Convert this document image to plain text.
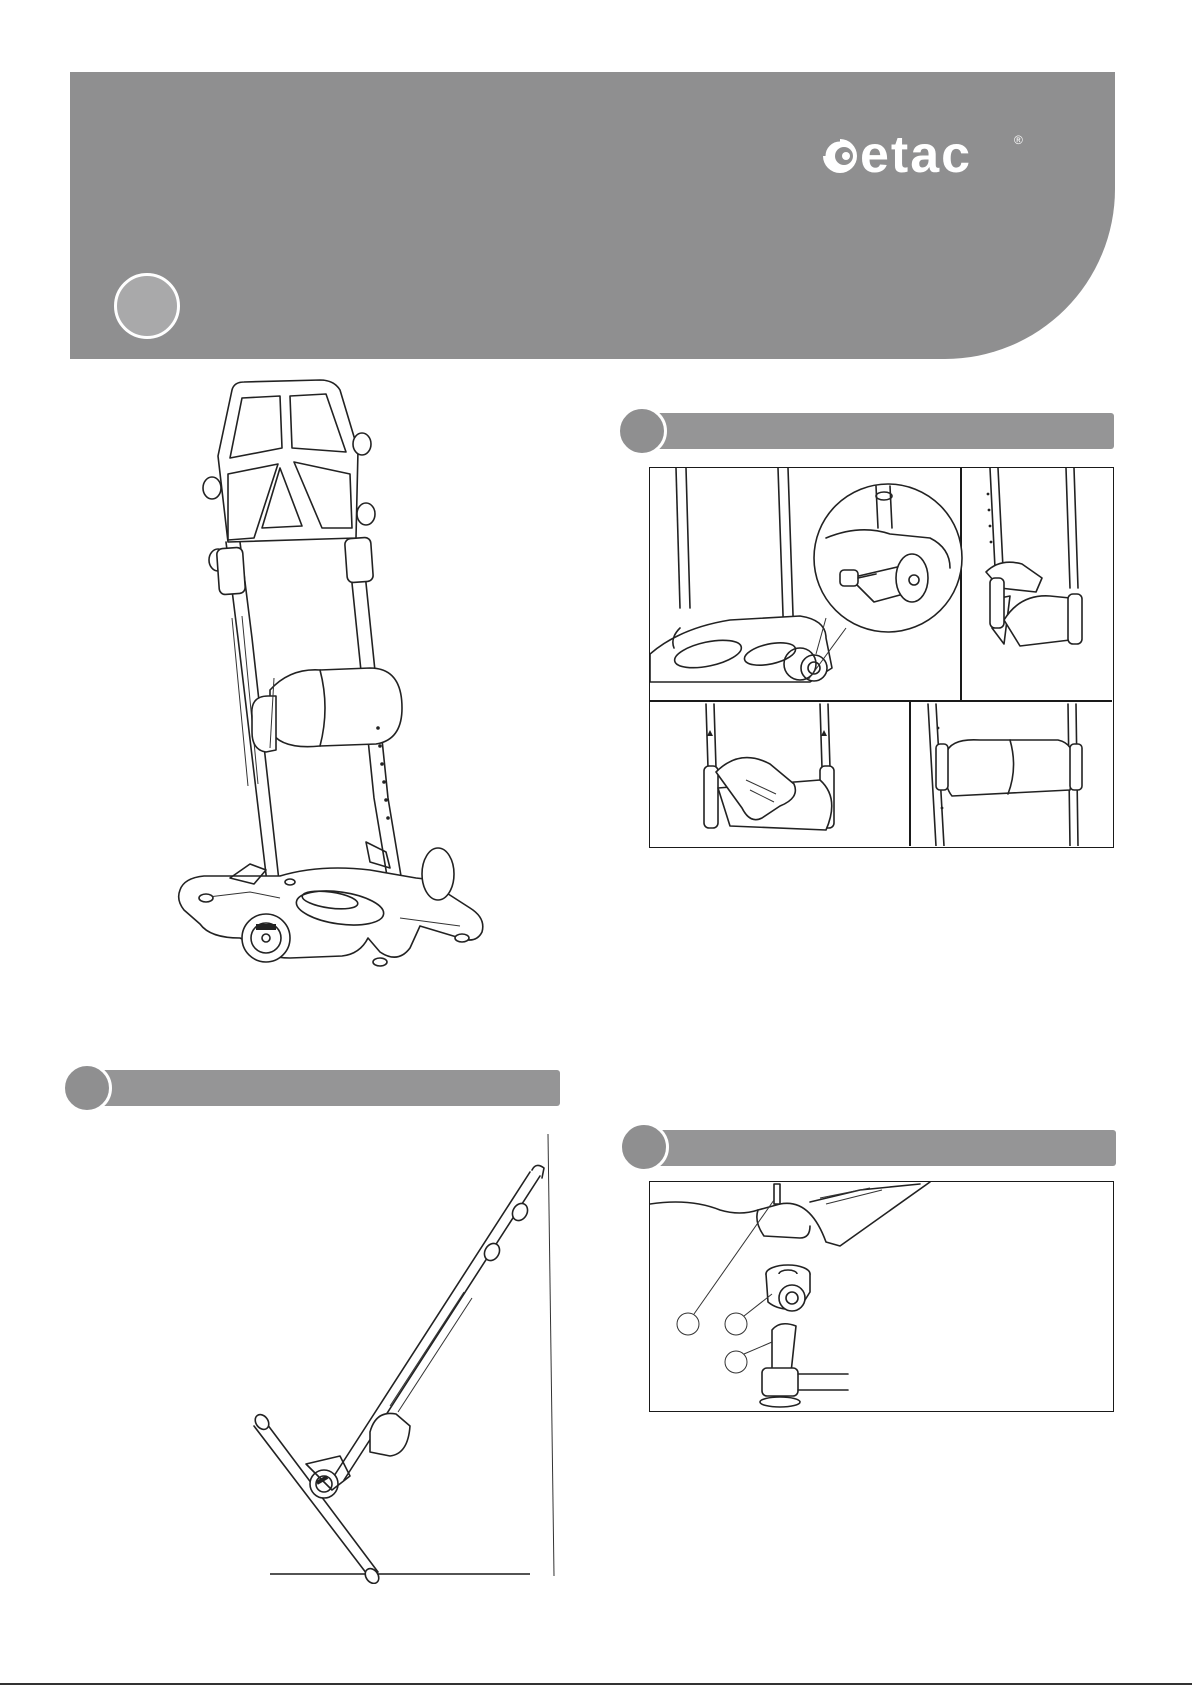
etac	®
